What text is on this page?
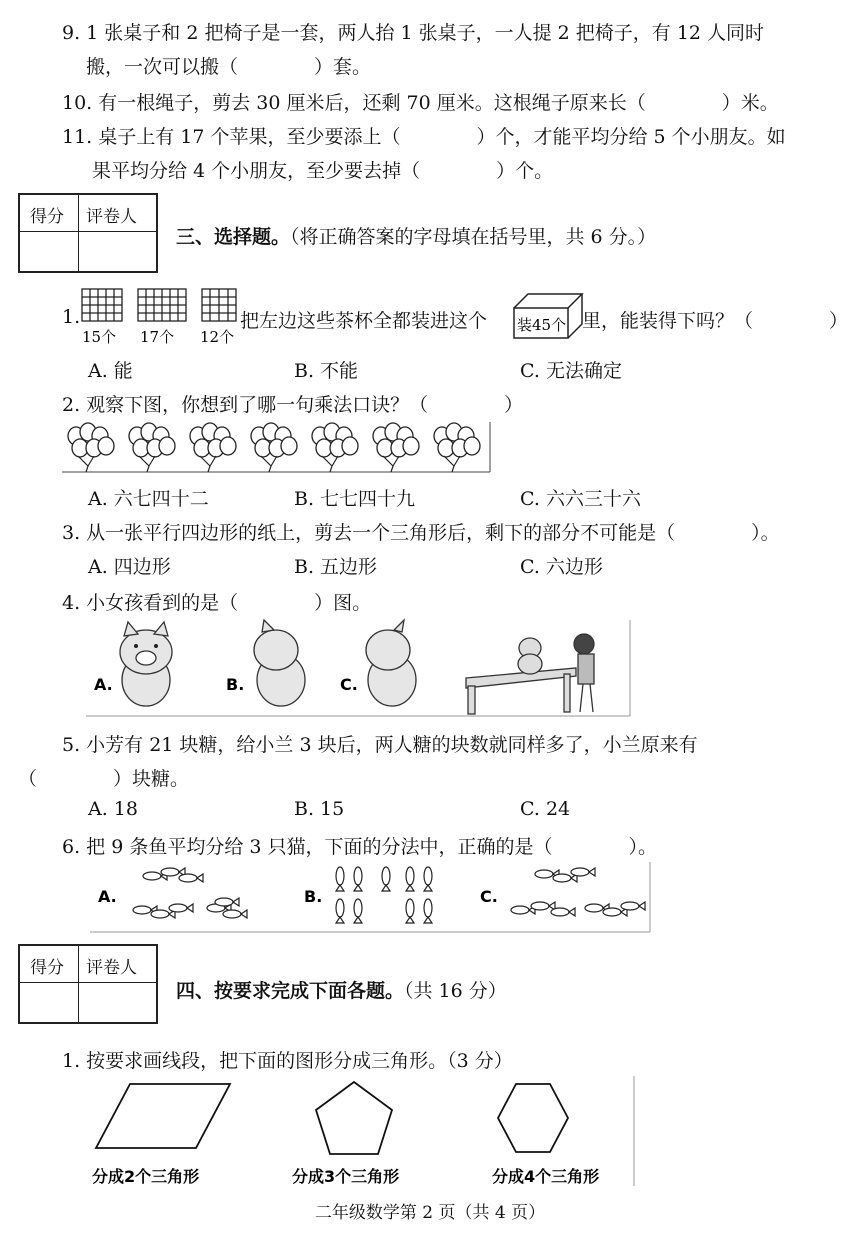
9. 1 张桌子和 2 把椅子是一套，两人抬 1 张桌子，一人提 2 把椅子，有 12 人同时
搬，一次可以搬（　　　　）套。
10. 有一根绳子，剪去 30 厘米后，还剩 70 厘米。这根绳子原来长（　　　　）米。
11. 桌子上有 17 个苹果，至少要添上（　　　　）个，才能平均分给 5 个小朋友。如
果平均分给 4 个小朋友，至少要去掉（　　　　）个。
得分 评卷人
三、选择题。（将正确答案的字母填在括号里，共 6 分。）
1.
15个 17个 12个
把左边这些茶杯全都装进这个 装45个 里，能装得下吗？（　　　　）
A. 能	B. 不能	C. 无法确定
2. 观察下图，你想到了哪一句乘法口诀？（　　　　）
A. 六七四十二	B. 七七四十九	C. 六六三十六
3. 从一张平行四边形的纸上，剪去一个三角形后，剩下的部分不可能是（　　　　）。
A. 四边形	B. 五边形	C. 六边形
4. 小女孩看到的是（　　　　）图。
A.	B.	C.
5. 小芳有 21 块糖，给小兰 3 块后，两人糖的块数就同样多了，小兰原来有
（　　　　）块糖。
A. 18	B. 15	C. 24
6. 把 9 条鱼平均分给 3 只猫，下面的分法中，正确的是（　　　　）。
A.	B.	C.
得分 评卷人
四、按要求完成下面各题。（共 16 分）
1. 按要求画线段，把下面的图形分成三角形。（3 分）
分成2个三角形	分成3个三角形	分成4个三角形
二年级数学第 2 页（共 4 页）
